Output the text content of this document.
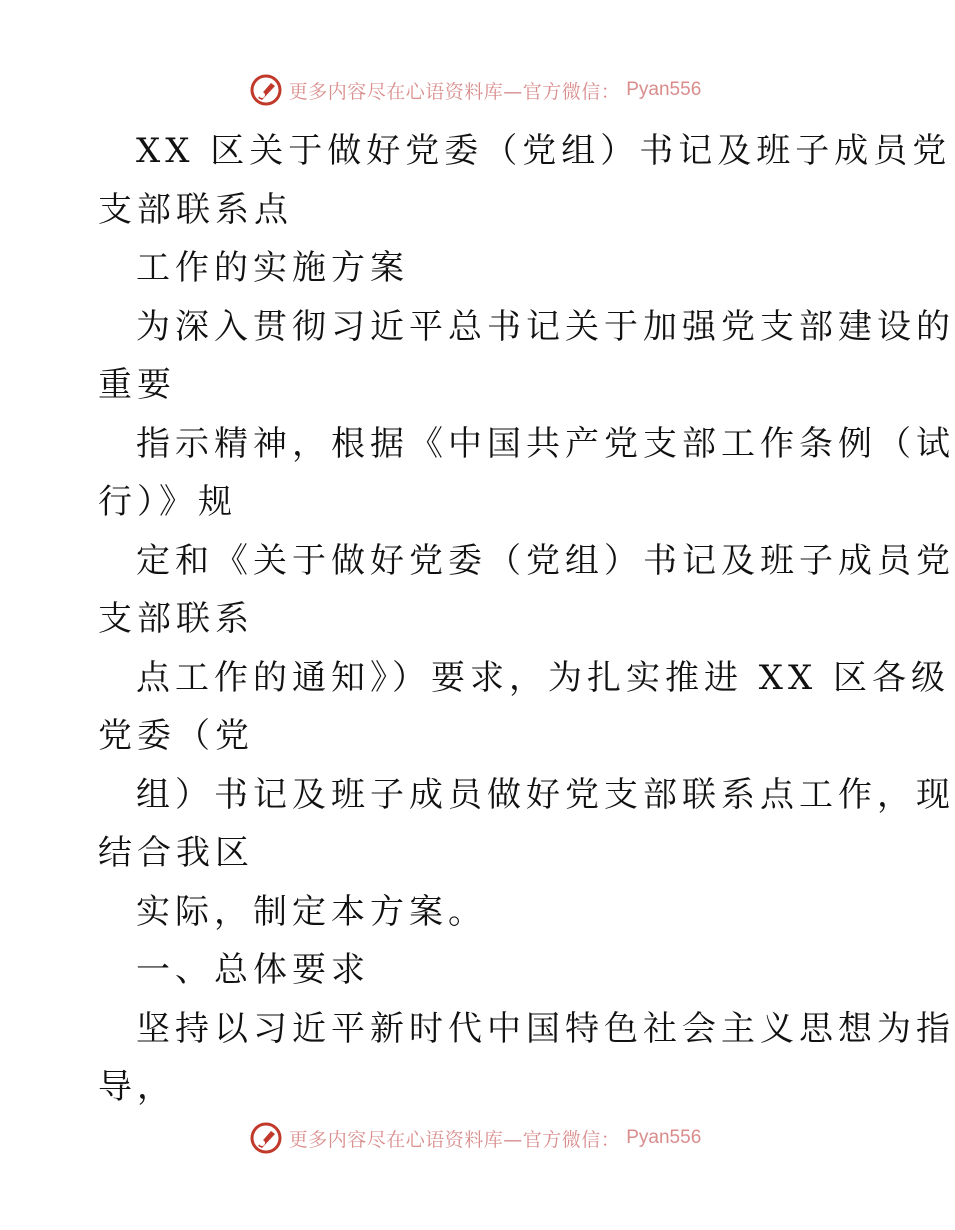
更多内容尽在心语资料库—官方微信： Pyan556
XX 区关于做好党委（党组）书记及班子成员党
支部联系点
工作的实施方案
为深入贯彻习近平总书记关于加强党支部建设的
重要
指示精神，根据《中国共产党支部工作条例（试
行）》规
定和《关于做好党委（党组）书记及班子成员党
支部联系
点工作的通知》）要求，为扎实推进 XX 区各级
党委（党
组）书记及班子成员做好党支部联系点工作，现
结合我区
实际，制定本方案。
一、总体要求
坚持以习近平新时代中国特色社会主义思想为指
导，
更多内容尽在心语资料库—官方微信： Pyan556
